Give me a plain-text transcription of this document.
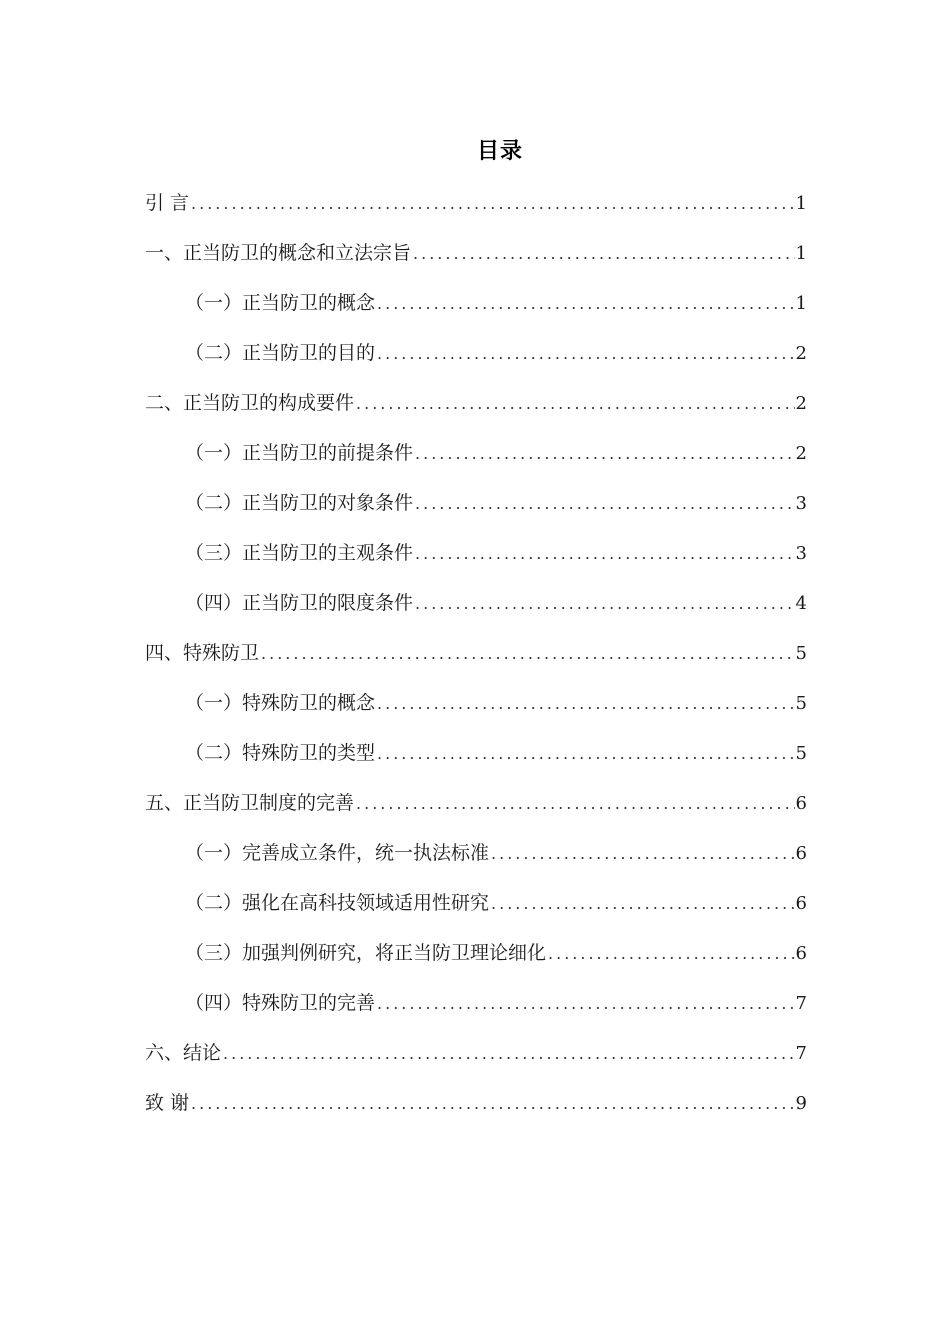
目录
引 言 .....	1
一、正当防卫的概念和立法宗旨 .....	1
（一）正当防卫的概念 .....	1
（二）正当防卫的目的 .....	2
二、正当防卫的构成要件 .....	2
（一）正当防卫的前提条件 .....	2
（二）正当防卫的对象条件 .....	3
（三）正当防卫的主观条件 .....	3
（四）正当防卫的限度条件 .....	4
四、特殊防卫 .....	5
（一）特殊防卫的概念 .....	5
（二）特殊防卫的类型 .....	5
五、正当防卫制度的完善 .....	6
（一）完善成立条件，统一执法标准 .....	6
（二）强化在高科技领域适用性研究 .....	6
（三）加强判例研究，将正当防卫理论细化 .....	6
（四）特殊防卫的完善 .....	7
六、结论 .....	7
致 谢 .....	9
